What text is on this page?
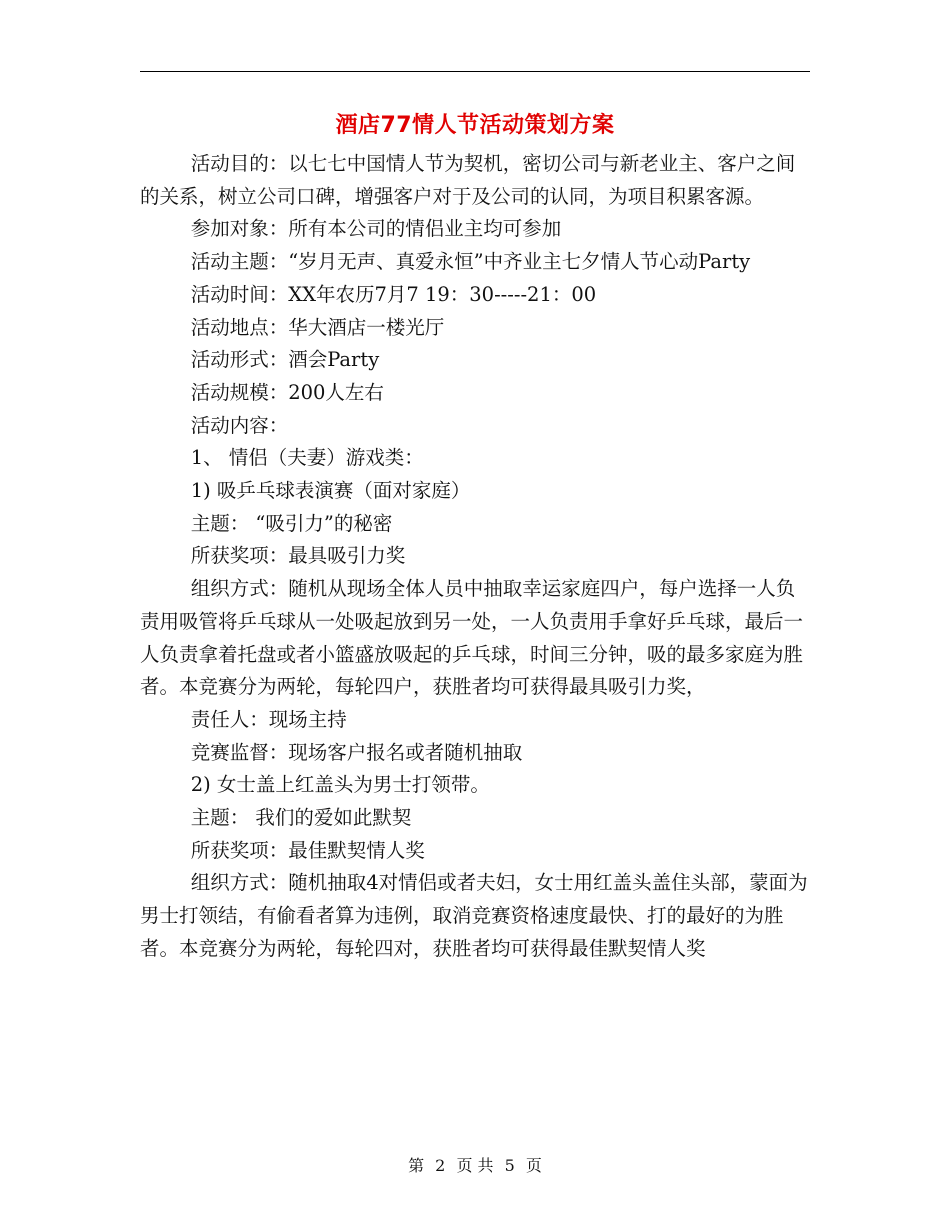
酒店77情人节活动策划方案

活动目的：以七七中国情人节为契机，密切公司与新老业主、客户之间的关系，树立公司口碑，增强客户对于及公司的认同，为项目积累客源。

参加对象：所有本公司的情侣业主均可参加

活动主题：“岁月无声、真爱永恒”中齐业主七夕情人节心动Party

活动时间：XX年农历7月7 19：30-----21：00

活动地点：华大酒店一楼光厅

活动形式：酒会Party

活动规模：200人左右

活动内容：

1、 情侣（夫妻）游戏类：

1) 吸乒乓球表演赛（面对家庭）

主题： “吸引力”的秘密

所获奖项：最具吸引力奖

组织方式：随机从现场全体人员中抽取幸运家庭四户，每户选择一人负责用吸管将乒乓球从一处吸起放到另一处，一人负责用手拿好乒乓球，最后一人负责拿着托盘或者小篮盛放吸起的乒乓球，时间三分钟，吸的最多家庭为胜者。本竞赛分为两轮，每轮四户，获胜者均可获得最具吸引力奖，

责任人：现场主持

竞赛监督：现场客户报名或者随机抽取

2) 女士盖上红盖头为男士打领带。

主题： 我们的爱如此默契

所获奖项：最佳默契情人奖

组织方式：随机抽取4对情侣或者夫妇，女士用红盖头盖住头部，蒙面为男士打领结，有偷看者算为违例，取消竞赛资格速度最快、打的最好的为胜者。本竞赛分为两轮，每轮四对，获胜者均可获得最佳默契情人奖

第 2 页 共 5 页
